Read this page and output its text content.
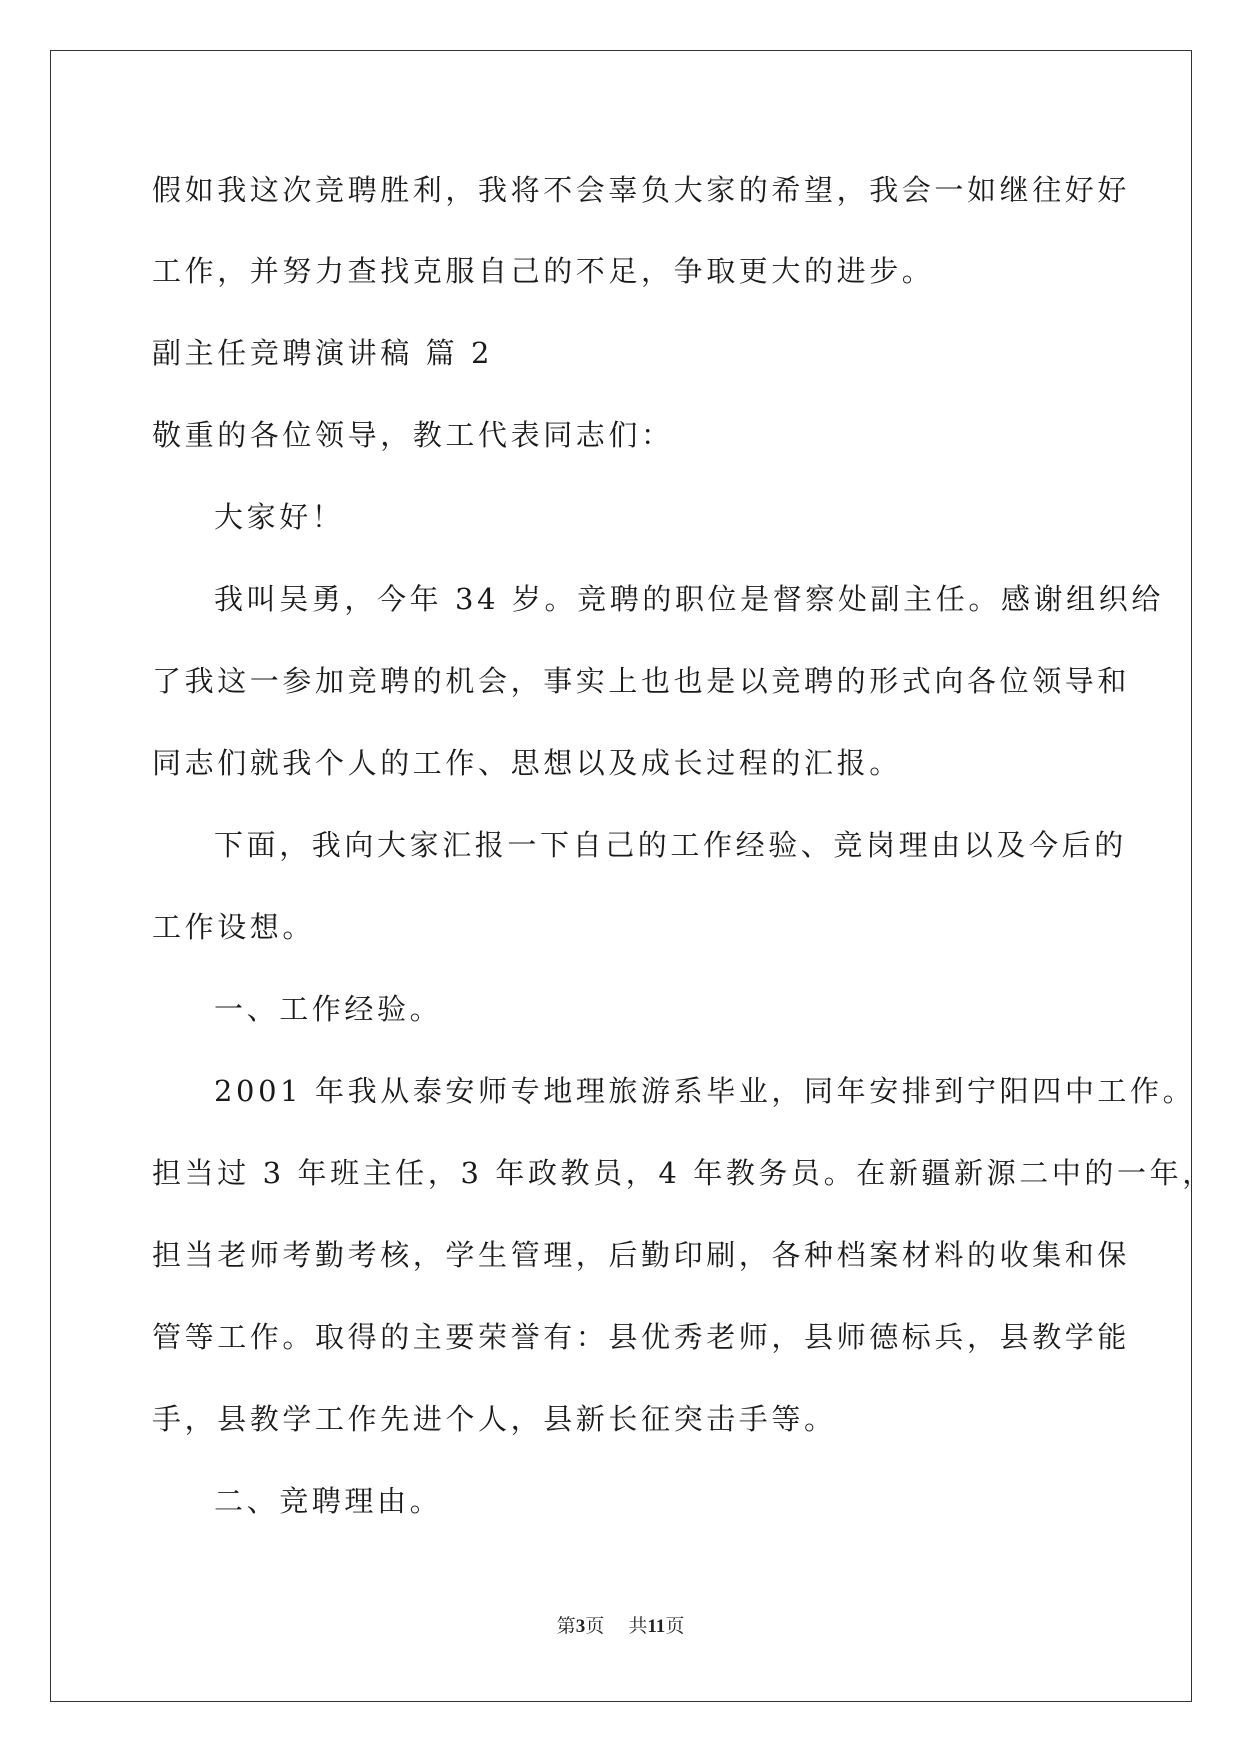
假如我这次竞聘胜利，我将不会辜负大家的希望，我会一如继往好好
工作，并努力查找克服自己的不足，争取更大的进步。
副主任竞聘演讲稿 篇 2
敬重的各位领导，教工代表同志们：
大家好！
我叫吴勇，今年 34 岁。竞聘的职位是督察处副主任。感谢组织给
了我这一参加竞聘的机会，事实上也也是以竞聘的形式向各位领导和
同志们就我个人的工作、思想以及成长过程的汇报。
下面，我向大家汇报一下自己的工作经验、竞岗理由以及今后的
工作设想。
一、工作经验。
2001 年我从泰安师专地理旅游系毕业，同年安排到宁阳四中工作。
担当过 3 年班主任，3 年政教员，4 年教务员。在新疆新源二中的一年，
担当老师考勤考核，学生管理，后勤印刷，各种档案材料的收集和保
管等工作。取得的主要荣誉有：县优秀老师，县师德标兵，县教学能
手，县教学工作先进个人，县新长征突击手等。
二、竞聘理由。
第3页    共11页
